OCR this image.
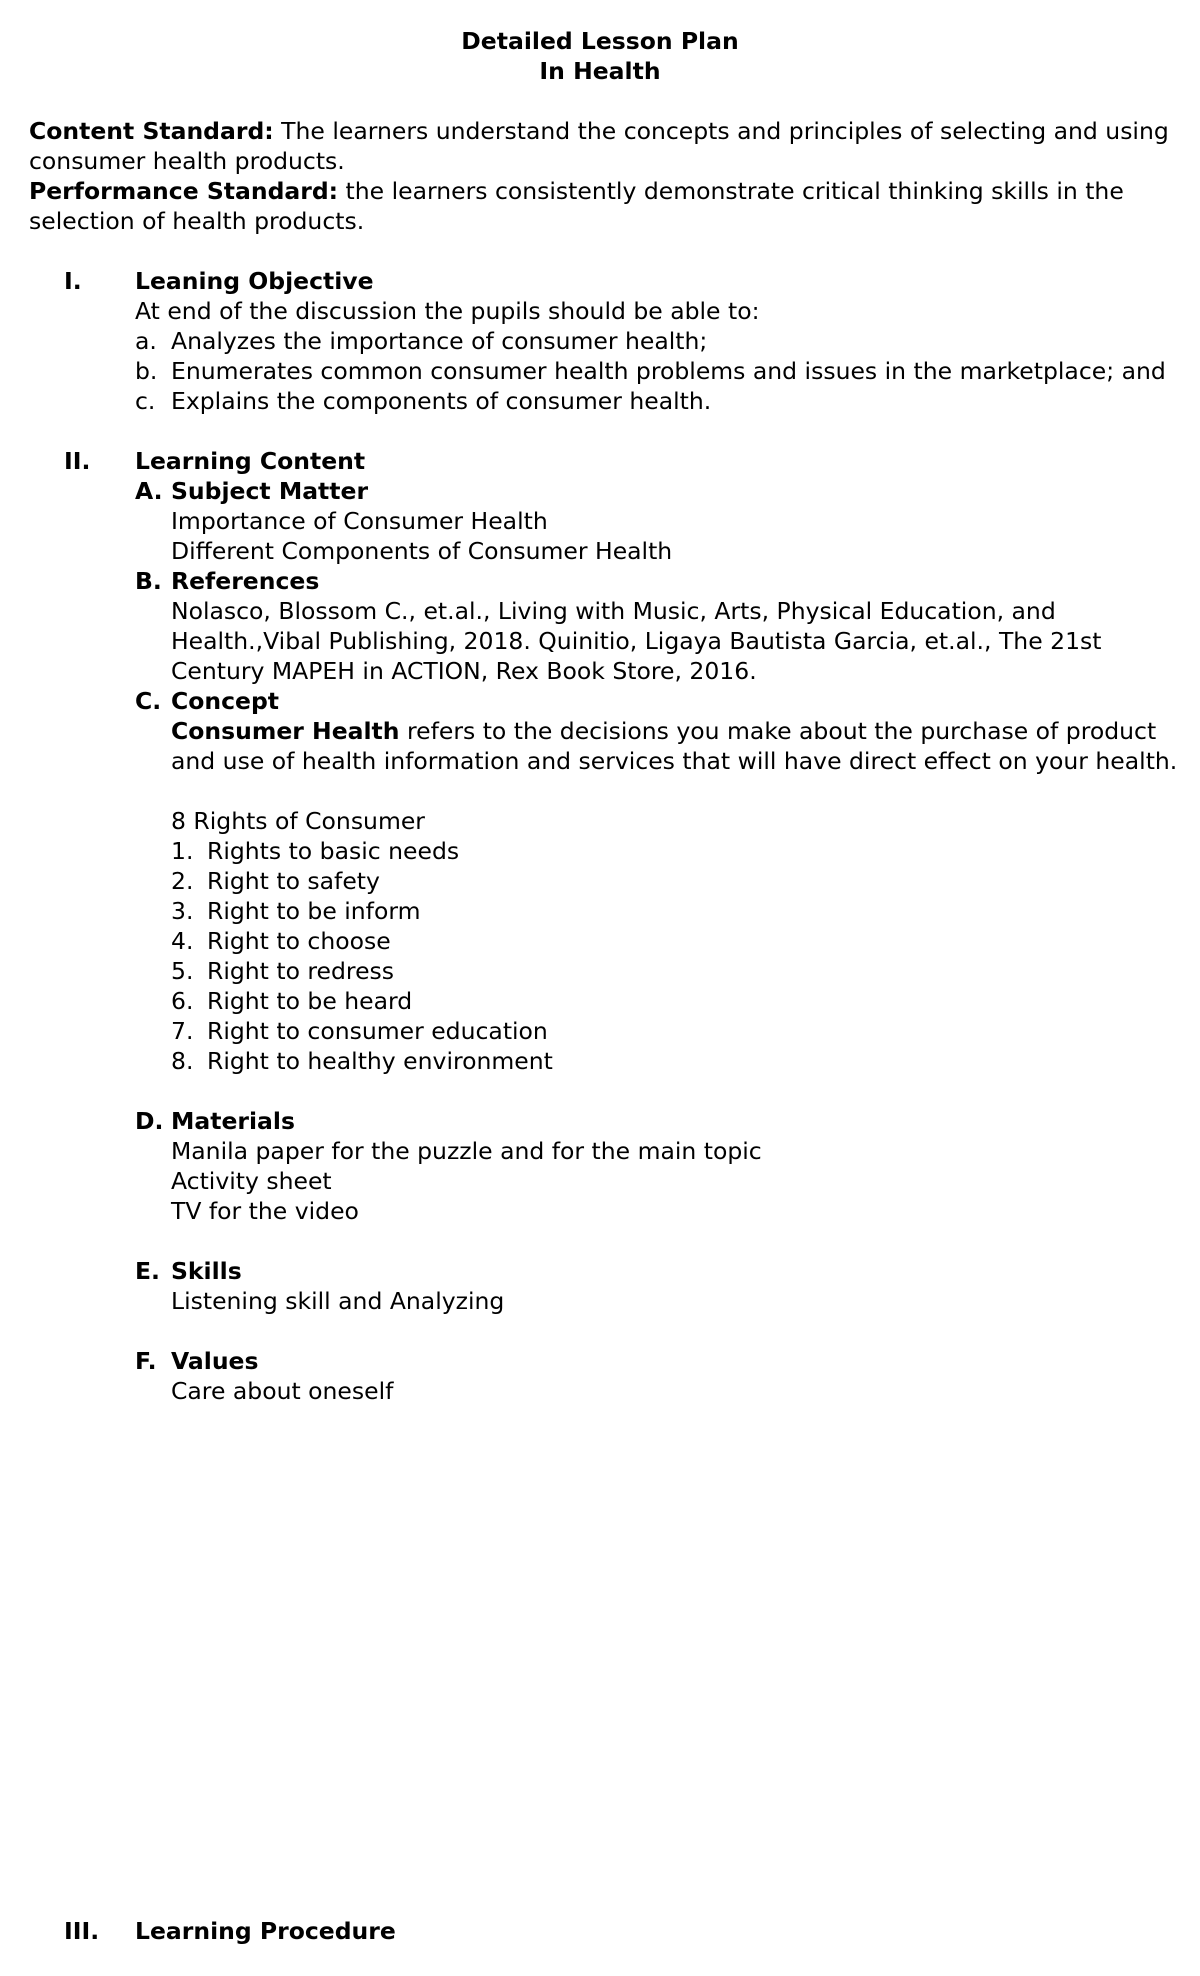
Detailed Lesson Plan
In Health
Content Standard: The learners understand the concepts and principles of selecting and using consumer health products.
Performance Standard: the learners consistently demonstrate critical thinking skills in the selection of health products.
I. Leaning Objective
At end of the discussion the pupils should be able to:
a. Analyzes the importance of consumer health;
b. Enumerates common consumer health problems and issues in the marketplace; and
c. Explains the components of consumer health.
II. Learning Content
A. Subject Matter
Importance of Consumer Health
Different Components of Consumer Health
B. References
Nolasco, Blossom C., et.al., Living with Music, Arts, Physical Education, and Health.,Vibal Publishing, 2018. Quinitio, Ligaya Bautista Garcia, et.al., The 21st Century MAPEH in ACTION, Rex Book Store, 2016.
C. Concept
Consumer Health refers to the decisions you make about the purchase of product and use of health information and services that will have direct effect on your health.
8 Rights of Consumer
1. Rights to basic needs
2. Right to safety
3. Right to be inform
4. Right to choose
5. Right to redress
6. Right to be heard
7. Right to consumer education
8. Right to healthy environment
D. Materials
Manila paper for the puzzle and for the main topic
Activity sheet
TV for the video
E. Skills
Listening skill and Analyzing
F. Values
Care about oneself
III. Learning Procedure
